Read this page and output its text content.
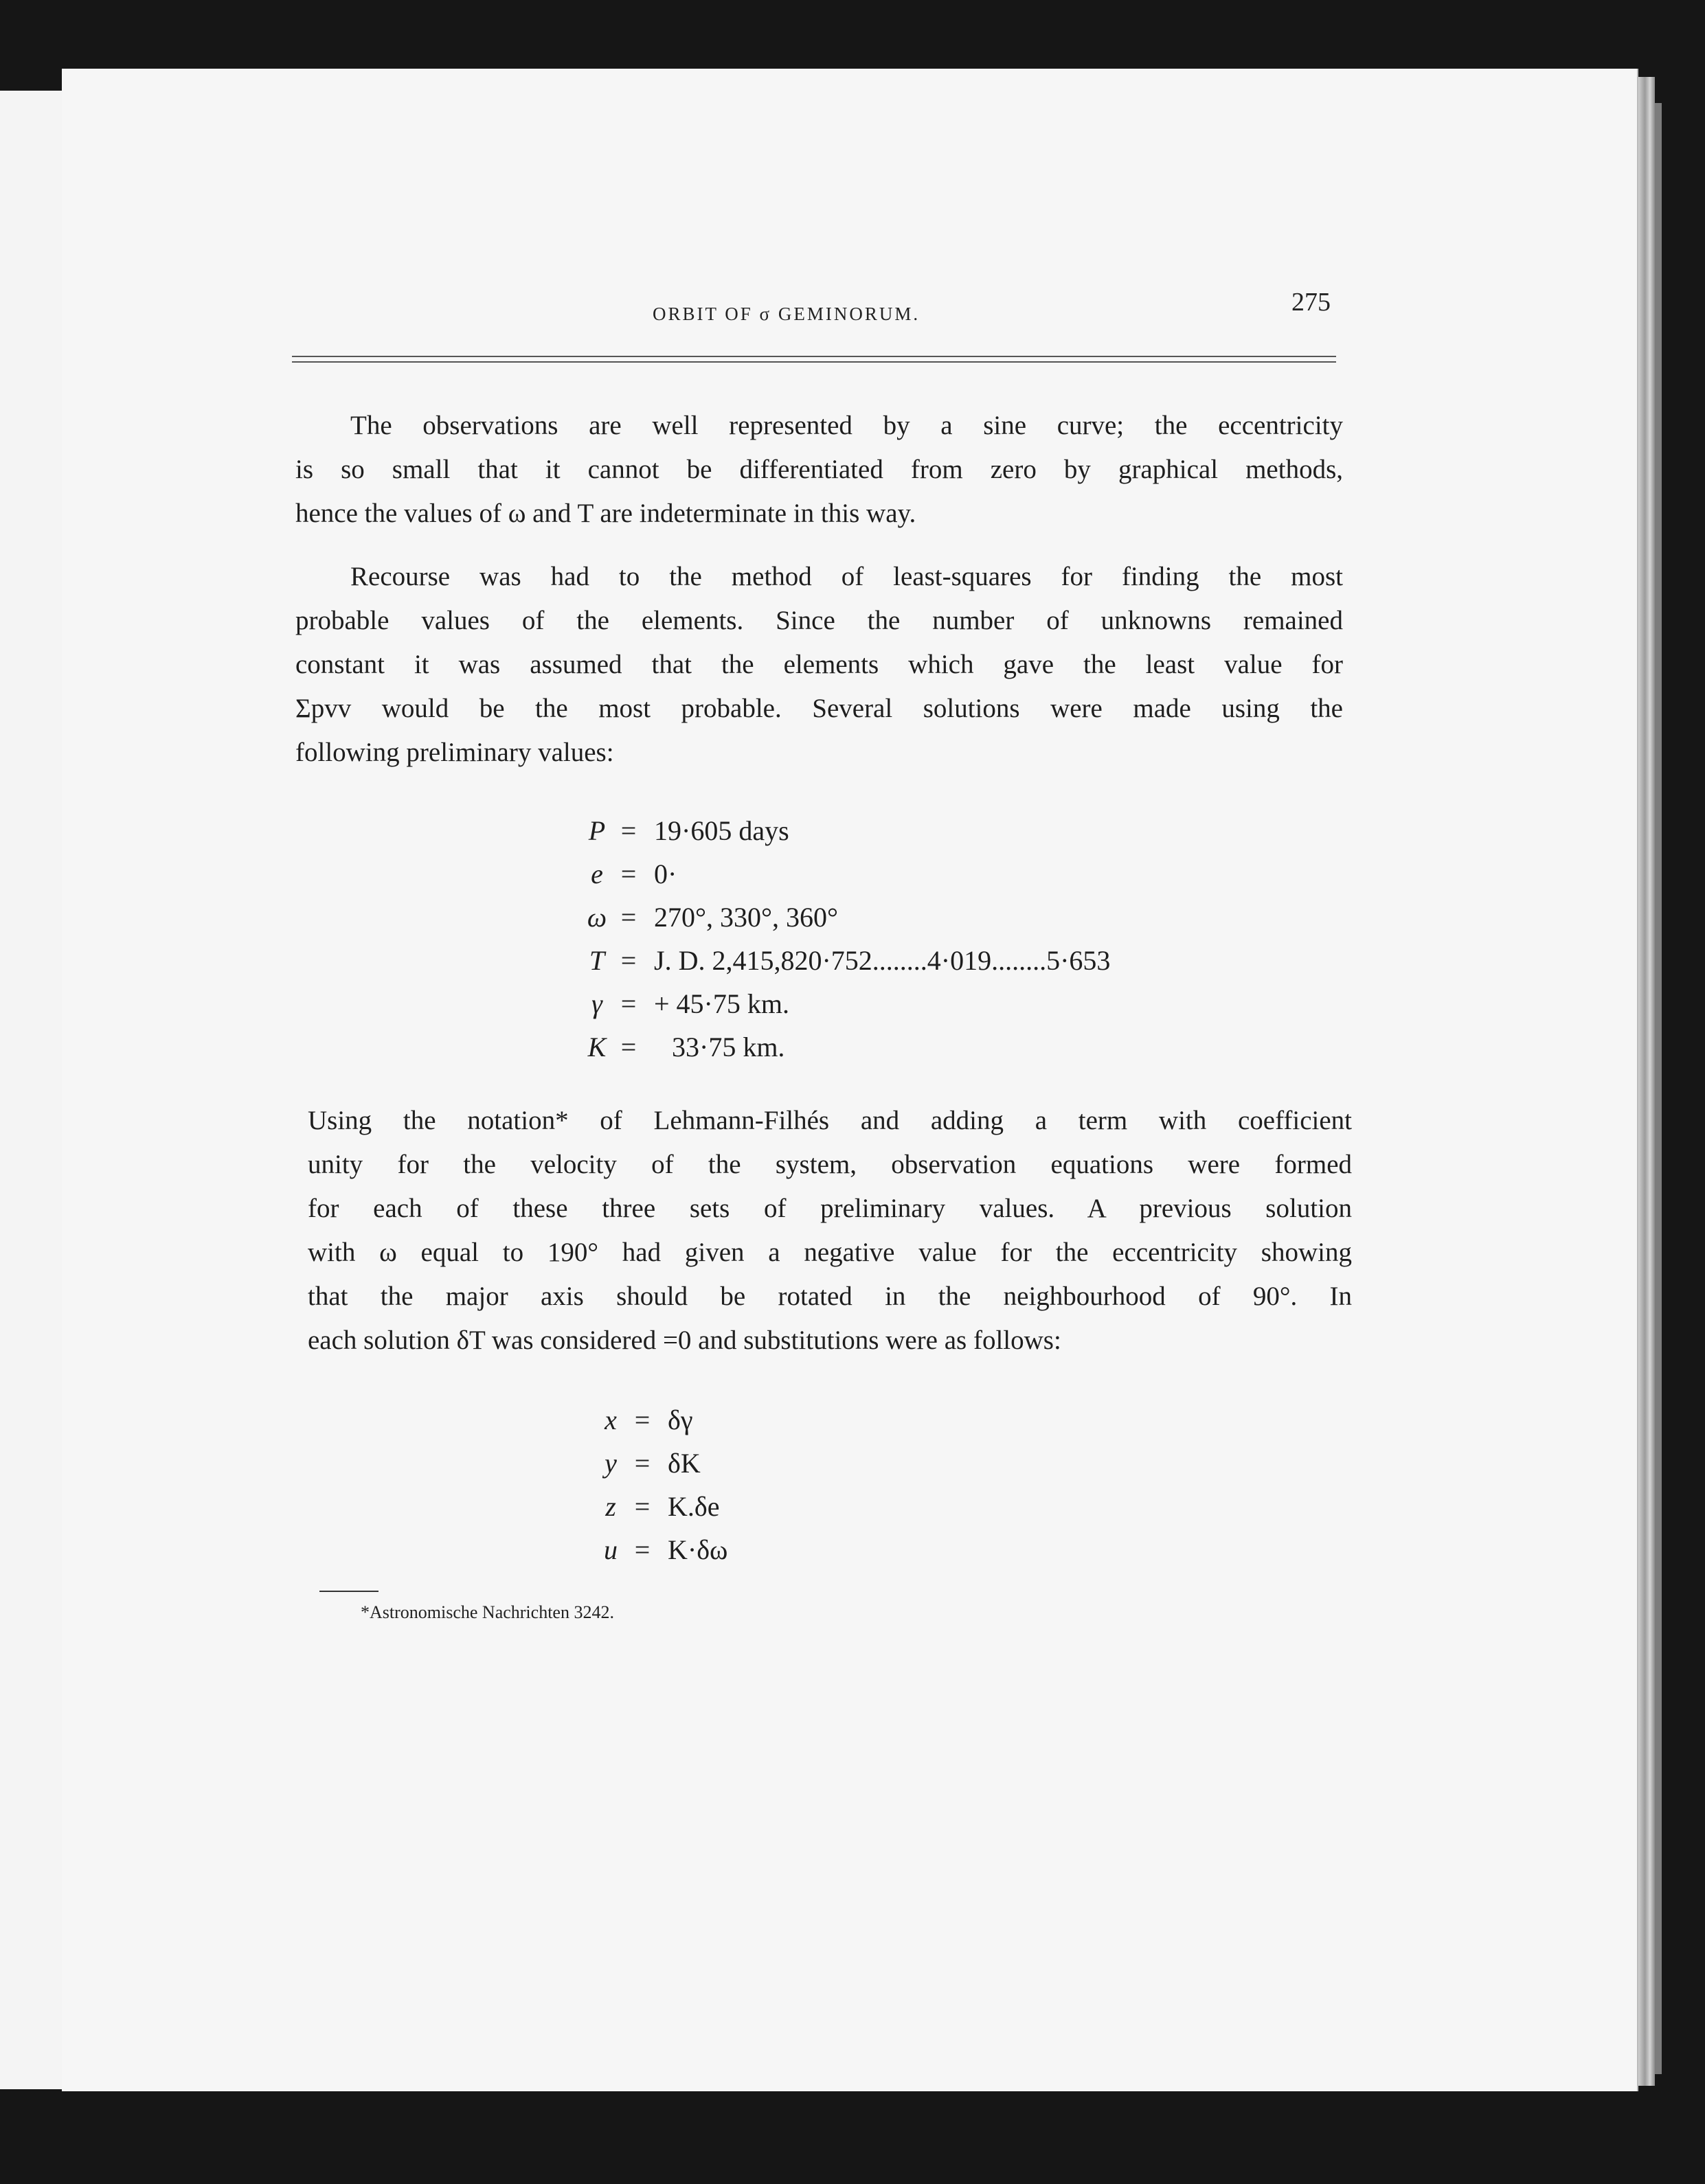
ORBIT OF σ GEMINORUM.	275
The observations are well represented by a sine curve; the eccentricity
is so small that it cannot be differentiated from zero by graphical methods,
hence the values of ω and T are indeterminate in this way.
Recourse was had to the method of least-squares for finding the most
probable values of the elements. Since the number of unknowns remained
constant it was assumed that the elements which gave the least value for
Σpvv would be the most probable. Several solutions were made using the
following preliminary values:
P = 19·605 days
e = 0·
ω = 270°, 330°, 360°
T = J. D. 2,415,820·752........4·019........5·653
γ = + 45·75 km.
K =	33·75 km.
Using the notation* of Lehmann-Filhés and adding a term with coefficient
unity for the velocity of the system, observation equations were formed
for each of these three sets of preliminary values. A previous solution
with ω equal to 190° had given a negative value for the eccentricity showing
that the major axis should be rotated in the neighbourhood of 90°. In
each solution δT was considered =0 and substitutions were as follows:
x = δγ
y = δK
z = K.δe
u = K·δω
*Astronomische Nachrichten 3242.
